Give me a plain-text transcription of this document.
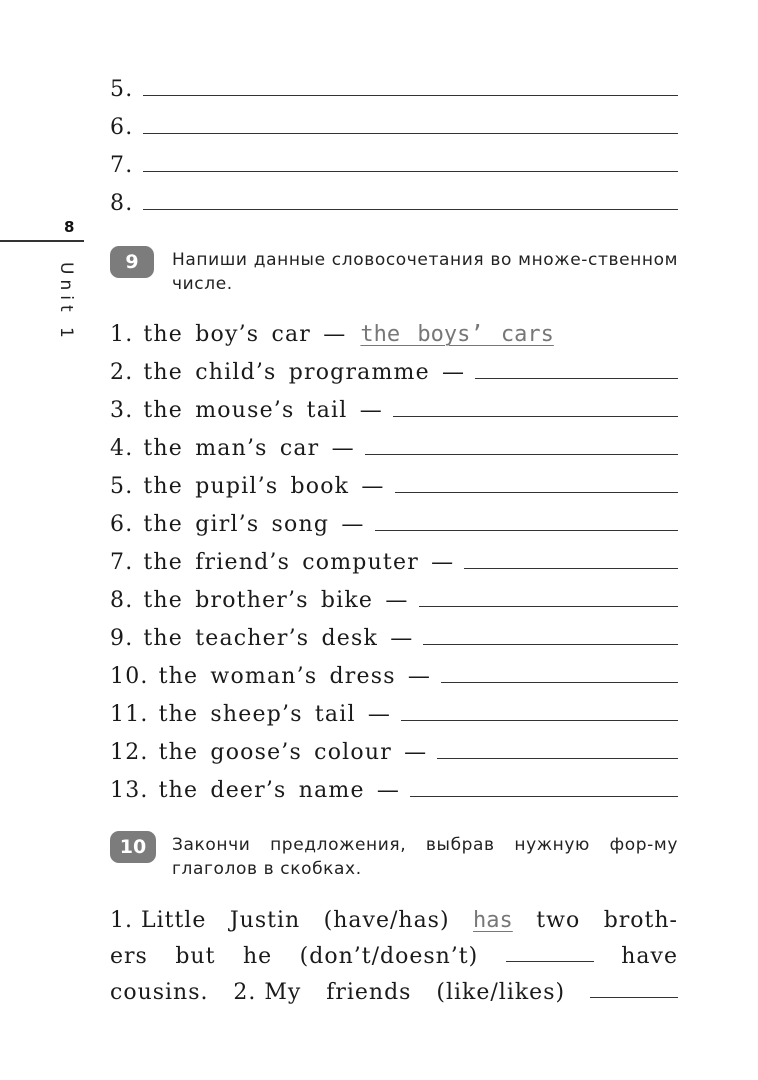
8
Unit 1
5.
6.
7.
8.
9	Напиши данные словосочетания во множе-ственном числе.
1. the boy’s car — the boys’ cars
2. the child’s programme —
3. the mouse’s tail —
4. the man’s car —
5. the pupil’s book —
6. the girl’s song —
7. the friend’s computer —
8. the brother’s bike —
9. the teacher’s desk —
10. the woman’s dress —
11. the sheep’s tail —
12. the goose’s colour —
13. the deer’s name —
10	Закончи предложения, выбрав нужную фор-му глаголов в скобках.
1. Little Justin (have/has) has two broth-
ers but he (don’t/doesn’t)	have
cousins. 2. My friends (like/likes)
